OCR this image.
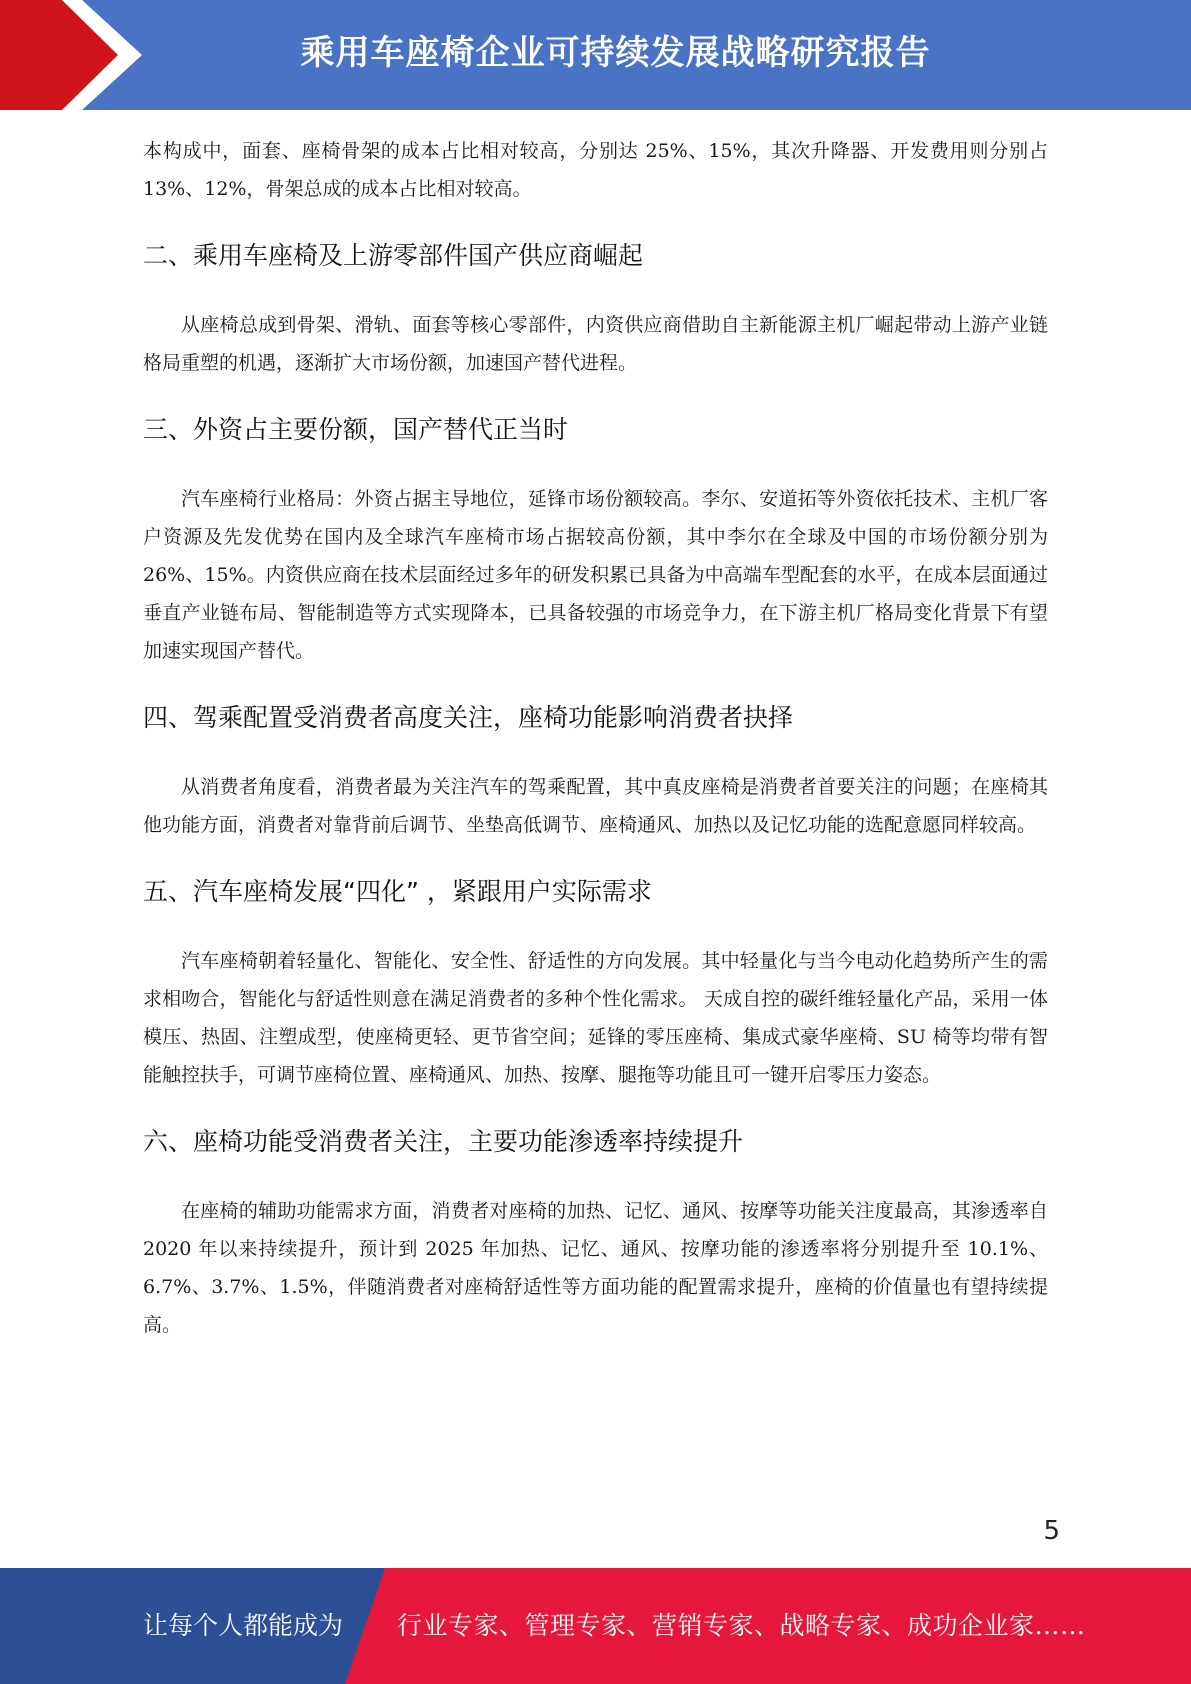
乘用车座椅企业可持续发展战略研究报告

本构成中，面套、座椅骨架的成本占比相对较高，分别达 25%、15%，其次升降器、开发费用则分别占 13%、12%，骨架总成的成本占比相对较高。

二、乘用车座椅及上游零部件国产供应商崛起

从座椅总成到骨架、滑轨、面套等核心零部件，内资供应商借助自主新能源主机厂崛起带动上游产业链格局重塑的机遇，逐渐扩大市场份额，加速国产替代进程。

三、外资占主要份额，国产替代正当时

汽车座椅行业格局：外资占据主导地位，延锋市场份额较高。李尔、安道拓等外资依托技术、主机厂客户资源及先发优势在国内及全球汽车座椅市场占据较高份额，其中李尔在全球及中国的市场份额分别为 26%、15%。内资供应商在技术层面经过多年的研发积累已具备为中高端车型配套的水平，在成本层面通过垂直产业链布局、智能制造等方式实现降本，已具备较强的市场竞争力，在下游主机厂格局变化背景下有望加速实现国产替代。

四、驾乘配置受消费者高度关注，座椅功能影响消费者抉择

从消费者角度看，消费者最为关注汽车的驾乘配置，其中真皮座椅是消费者首要关注的问题；在座椅其他功能方面，消费者对靠背前后调节、坐垫高低调节、座椅通风、加热以及记忆功能的选配意愿同样较高。

五、汽车座椅发展“四化” ，紧跟用户实际需求

汽车座椅朝着轻量化、智能化、安全性、舒适性的方向发展。其中轻量化与当今电动化趋势所产生的需求相吻合，智能化与舒适性则意在满足消费者的多种个性化需求。 天成自控的碳纤维轻量化产品，采用一体模压、热固、注塑成型，使座椅更轻、更节省空间；延锋的零压座椅、集成式豪华座椅、SU 椅等均带有智能触控扶手，可调节座椅位置、座椅通风、加热、按摩、腿拖等功能且可一键开启零压力姿态。

六、座椅功能受消费者关注，主要功能渗透率持续提升

在座椅的辅助功能需求方面，消费者对座椅的加热、记忆、通风、按摩等功能关注度最高，其渗透率自 2020 年以来持续提升，预计到 2025 年加热、记忆、通风、按摩功能的渗透率将分别提升至 10.1%、6.7%、3.7%、1.5%，伴随消费者对座椅舒适性等方面功能的配置需求提升，座椅的价值量也有望持续提高。

5
让每个人都能成为 行业专家、管理专家、营销专家、战略专家、成功企业家……
